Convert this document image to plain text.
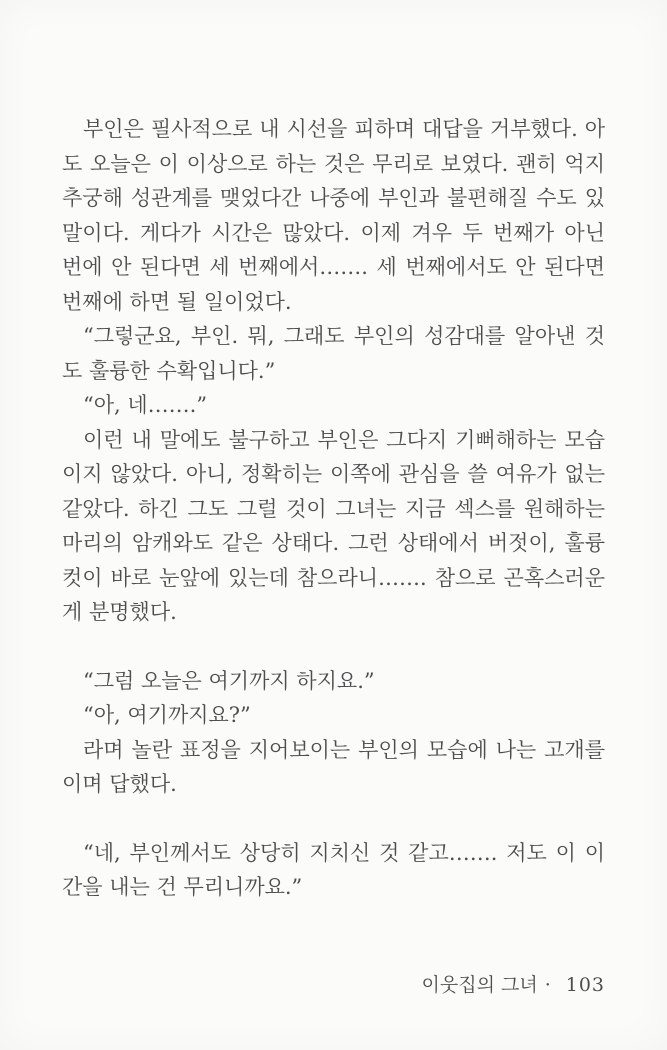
부인은 필사적으로 내 시선을 피하며 대답을 거부했다. 아
도 오늘은 이 이상으로 하는 것은 무리로 보였다. 괜히 억지
추궁해 성관계를 맺었다간 나중에 부인과 불편해질 수도 있
말이다. 게다가 시간은 많았다. 이제 겨우 두 번째가 아닌
번에 안 된다면 세 번째에서……. 세 번째에서도 안 된다면
번째에 하면 될 일이었다.
“그렇군요, 부인. 뭐, 그래도 부인의 성감대를 알아낸 것
도 훌륭한 수확입니다.”
“아, 네…….”
이런 내 말에도 불구하고 부인은 그다지 기뻐해하는 모습
이지 않았다. 아니, 정확히는 이쪽에 관심을 쓸 여유가 없는
같았다. 하긴 그도 그럴 것이 그녀는 지금 섹스를 원해하는
마리의 암캐와도 같은 상태다. 그런 상태에서 버젓이, 훌륭
컷이 바로 눈앞에 있는데 참으라니……. 참으로 곤혹스러운
게 분명했다.
“그럼 오늘은 여기까지 하지요.”
“아, 여기까지요?”
라며 놀란 표정을 지어보이는 부인의 모습에 나는 고개를
이며 답했다.
“네, 부인께서도 상당히 지치신 것 같고……. 저도 이 이
간을 내는 건 무리니까요.”
이웃집의 그녀 · 103
